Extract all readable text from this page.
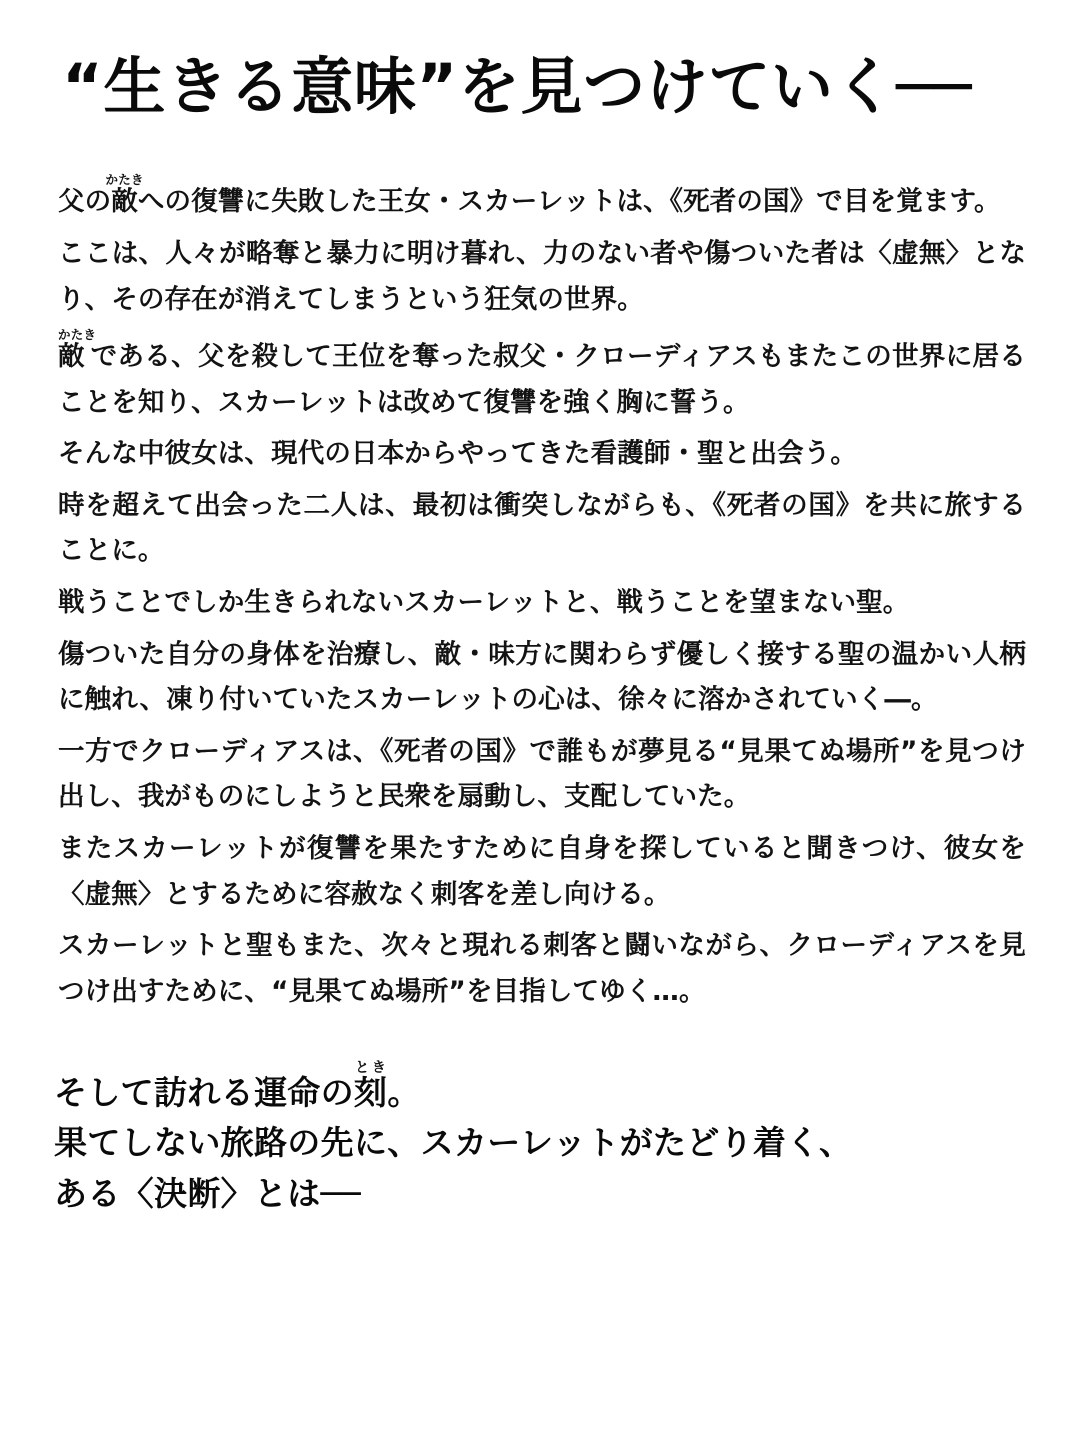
“生きる意味”を見つけていく──

父の敵かたきへの復讐に失敗した王女・スカーレットは、《死者の国》で目を覚ます。

ここは、人々が略奪と暴力に明け暮れ、力のない者や傷ついた者は〈虚無〉となり、その存在が消えてしまうという狂気の世界。

敵かたきである、父を殺して王位を奪った叔父・クローディアスもまたこの世界に居ることを知り、スカーレットは改めて復讐を強く胸に誓う。

そんな中彼女は、現代の日本からやってきた看護師・聖と出会う。

時を超えて出会った二人は、最初は衝突しながらも、《死者の国》を共に旅することに。

戦うことでしか生きられないスカーレットと、戦うことを望まない聖。

傷ついた自分の身体を治療し、敵・味方に関わらず優しく接する聖の温かい人柄に触れ、凍り付いていたスカーレットの心は、徐々に溶かされていく―。

一方でクローディアスは、《死者の国》で誰もが夢見る“見果てぬ場所”を見つけ出し、我がものにしようと民衆を扇動し、支配していた。

またスカーレットが復讐を果たすために自身を探していると聞きつけ、彼女を〈虚無〉とするために容赦なく刺客を差し向ける。

スカーレットと聖もまた、次々と現れる刺客と闘いながら、クローディアスを見つけ出すために、“見果てぬ場所”を目指してゆく…。

そして訪れる運命の刻とき。
果てしない旅路の先に、スカーレットがたどり着く、
ある〈決断〉とは──
